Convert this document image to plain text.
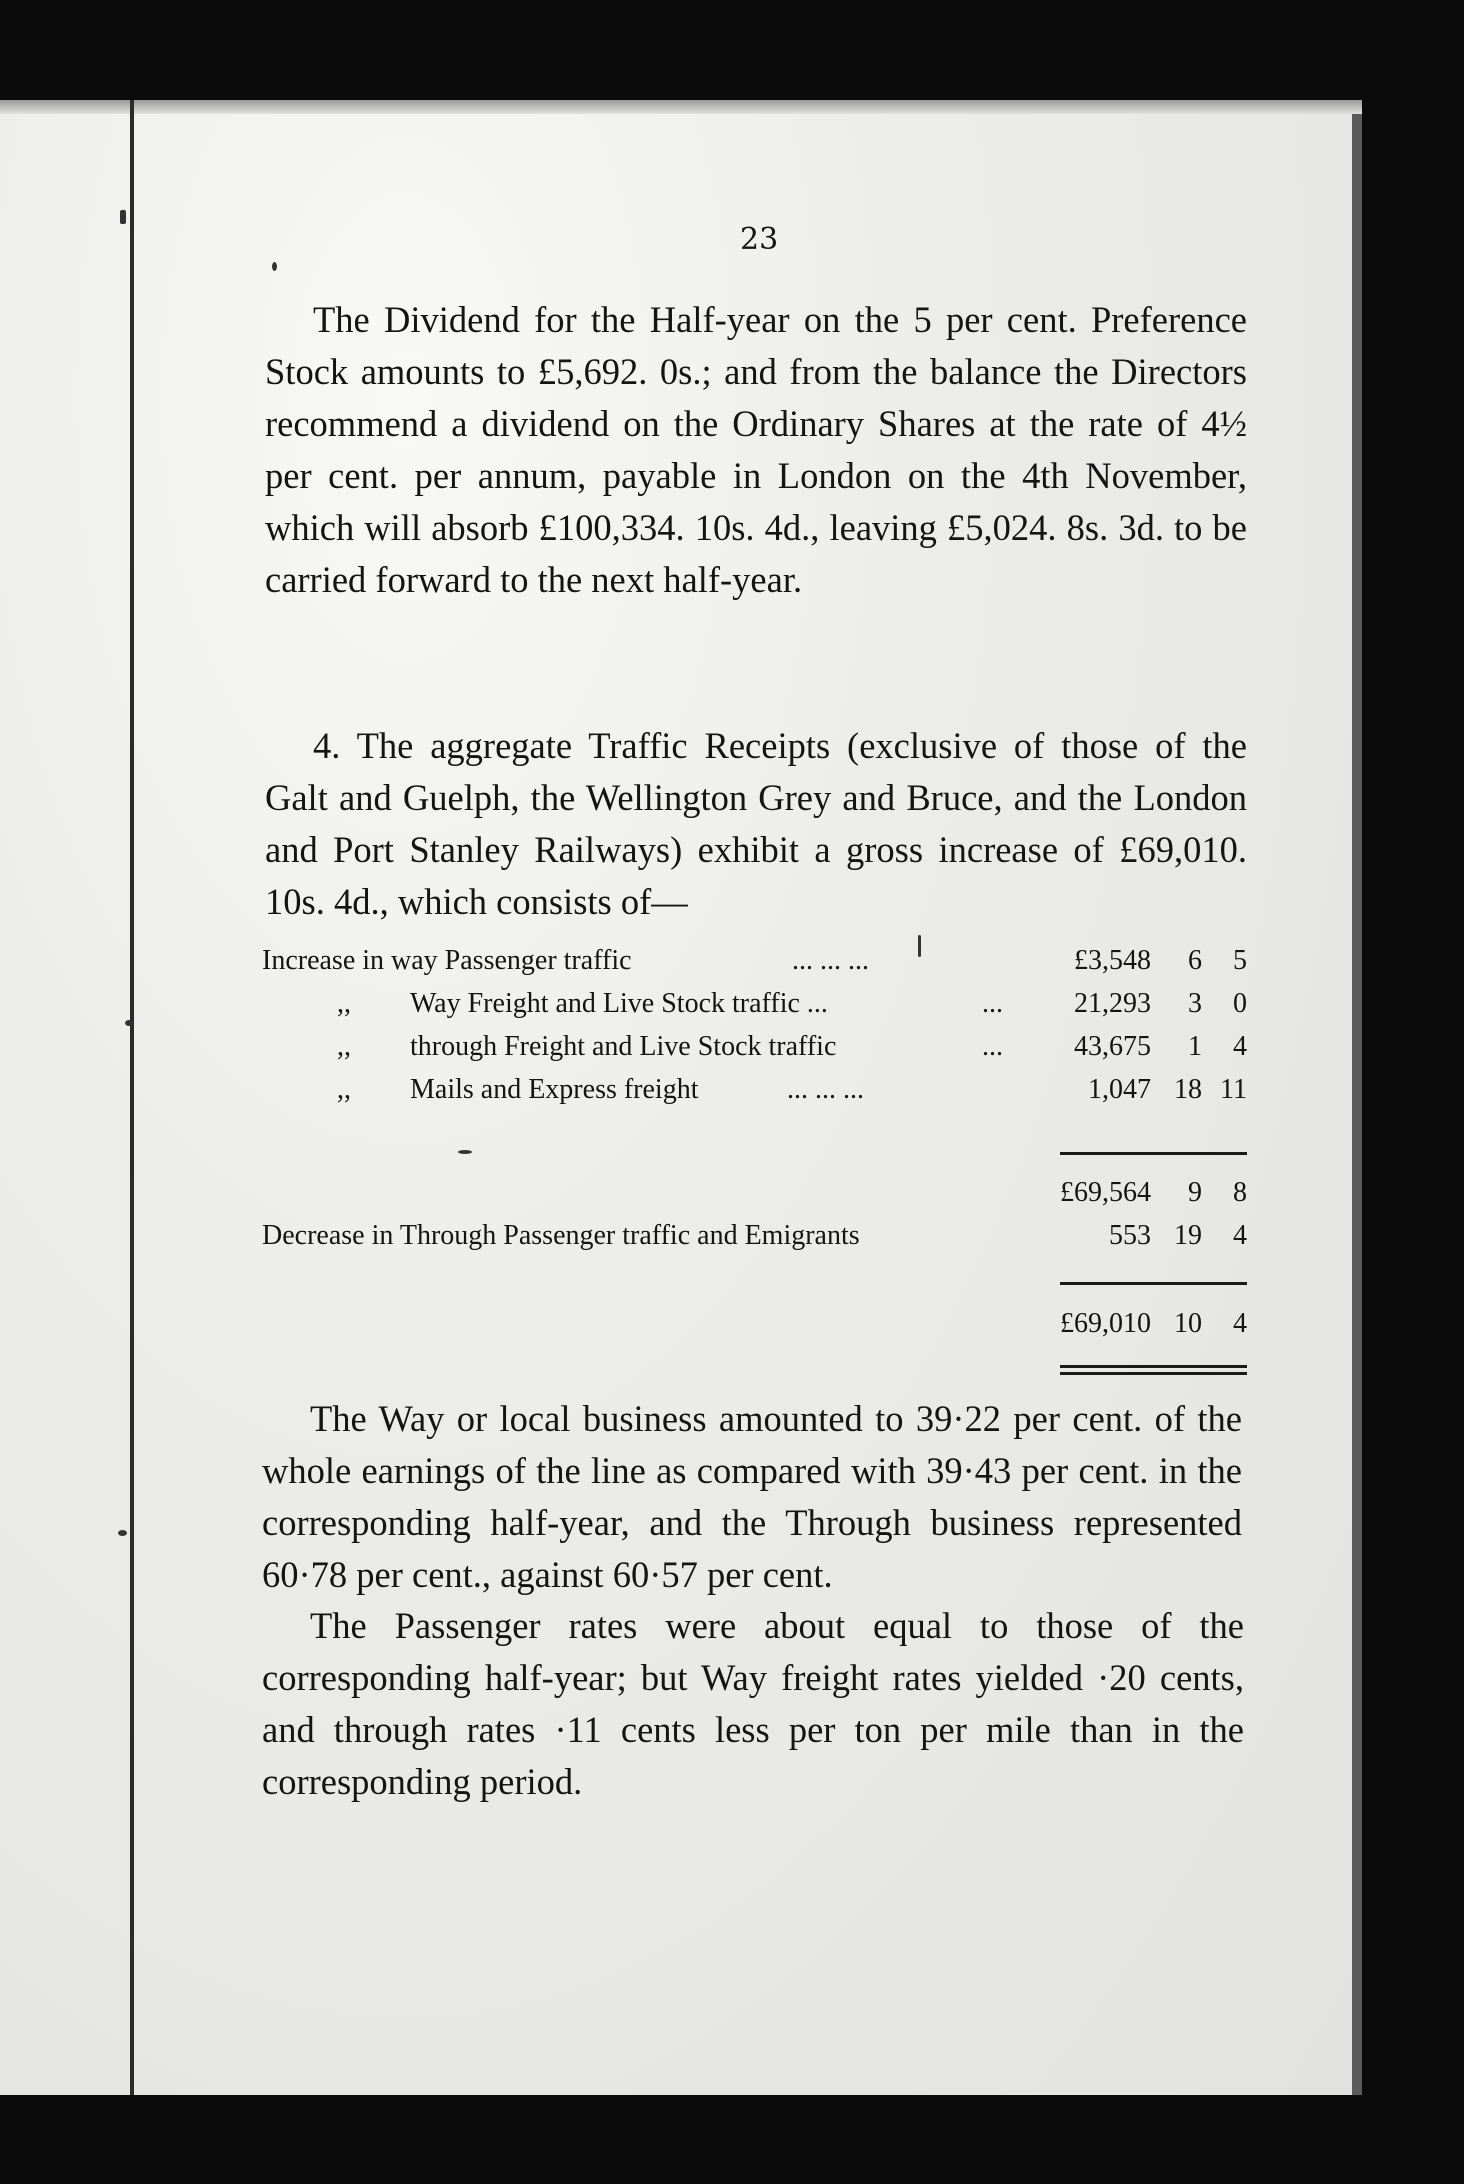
23

The Dividend for the Half-year on the 5 per cent. Preference Stock amounts to £5,692. 0s.; and from the balance the Directors recommend a dividend on the Ordinary Shares at the rate of 4½ per cent. per annum, payable in London on the 4th November, which will absorb £100,334. 10s. 4d., leaving £5,024. 8s. 3d. to be carried forward to the next half-year.

4. The aggregate Traffic Receipts (exclusive of those of the Galt and Guelph, the Wellington Grey and Bruce, and the London and Port Stanley Railways) exhibit a gross increase of £69,010. 10s. 4d., which consists of—

Increase in way Passenger traffic	... ... ...	£3,548	6	5
,, Way Freight and Live Stock traffic ...	...	21,293	3	0
,, through Freight and Live Stock traffic	...	43,675	1	4
,, Mails and Express freight	... ... ...	1,047 18 11
£69,564	9	8
Decrease in Through Passenger traffic and Emigrants	553 19	4
£69,010 10	4

The Way or local business amounted to 39·22 per cent. of the whole earnings of the line as compared with 39·43 per cent. in the corresponding half-year, and the Through business represented 60·78 per cent., against 60·57 per cent.

The Passenger rates were about equal to those of the corresponding half-year; but Way freight rates yielded ·20 cents, and through rates ·11 cents less per ton per mile than in the corresponding period.
